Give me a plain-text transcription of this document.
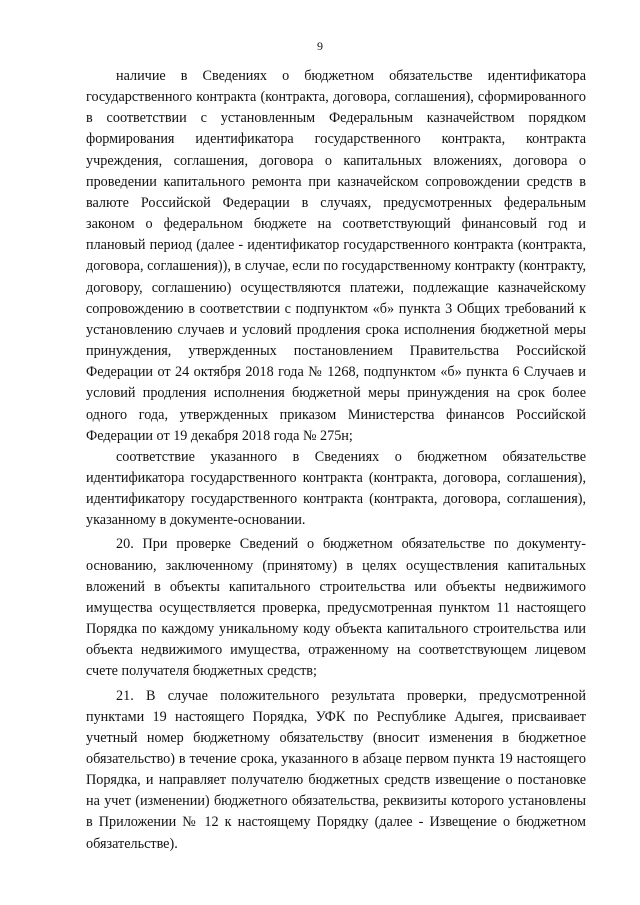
9

наличие в Сведениях о бюджетном обязательстве идентификатора государственного контракта (контракта, договора, соглашения), сформированного в соответствии с установленным Федеральным казначейством порядком формирования идентификатора государственного контракта, контракта учреждения, соглашения, договора о капитальных вложениях, договора о проведении капитального ремонта при казначейском сопровождении средств в валюте Российской Федерации в случаях, предусмотренных федеральным законом о федеральном бюджете на соответствующий финансовый год и плановый период (далее - идентификатор государственного контракта (контракта, договора, соглашения)), в случае, если по государственному контракту (контракту, договору, соглашению) осуществляются платежи, подлежащие казначейскому сопровождению в соответствии с подпунктом «б» пункта 3 Общих требований к установлению случаев и условий продления срока исполнения бюджетной меры принуждения, утвержденных постановлением Правительства Российской Федерации от 24 октября 2018 года № 1268, подпунктом «б» пункта 6 Случаев и условий продления исполнения бюджетной меры принуждения на срок более одного года, утвержденных приказом Министерства финансов Российской Федерации от 19 декабря 2018 года № 275н;

соответствие указанного в Сведениях о бюджетном обязательстве идентификатора государственного контракта (контракта, договора, соглашения), идентификатору государственного контракта (контракта, договора, соглашения), указанному в документе-основании.

20. При проверке Сведений о бюджетном обязательстве по документу-основанию, заключенному (принятому) в целях осуществления капитальных вложений в объекты капитального строительства или объекты недвижимого имущества осуществляется проверка, предусмотренная пунктом 11 настоящего Порядка по каждому уникальному коду объекта капитального строительства или объекта недвижимого имущества, отраженному на соответствующем лицевом счете получателя бюджетных средств;

21. В случае положительного результата проверки, предусмотренной пунктами 19 настоящего Порядка, УФК по Республике Адыгея, присваивает учетный номер бюджетному обязательству (вносит изменения в бюджетное обязательство) в течение срока, указанного в абзаце первом пункта 19 настоящего Порядка, и направляет получателю бюджетных средств извещение о постановке на учет (изменении) бюджетного обязательства, реквизиты которого установлены в Приложении № 12 к настоящему Порядку (далее - Извещение о бюджетном обязательстве).
